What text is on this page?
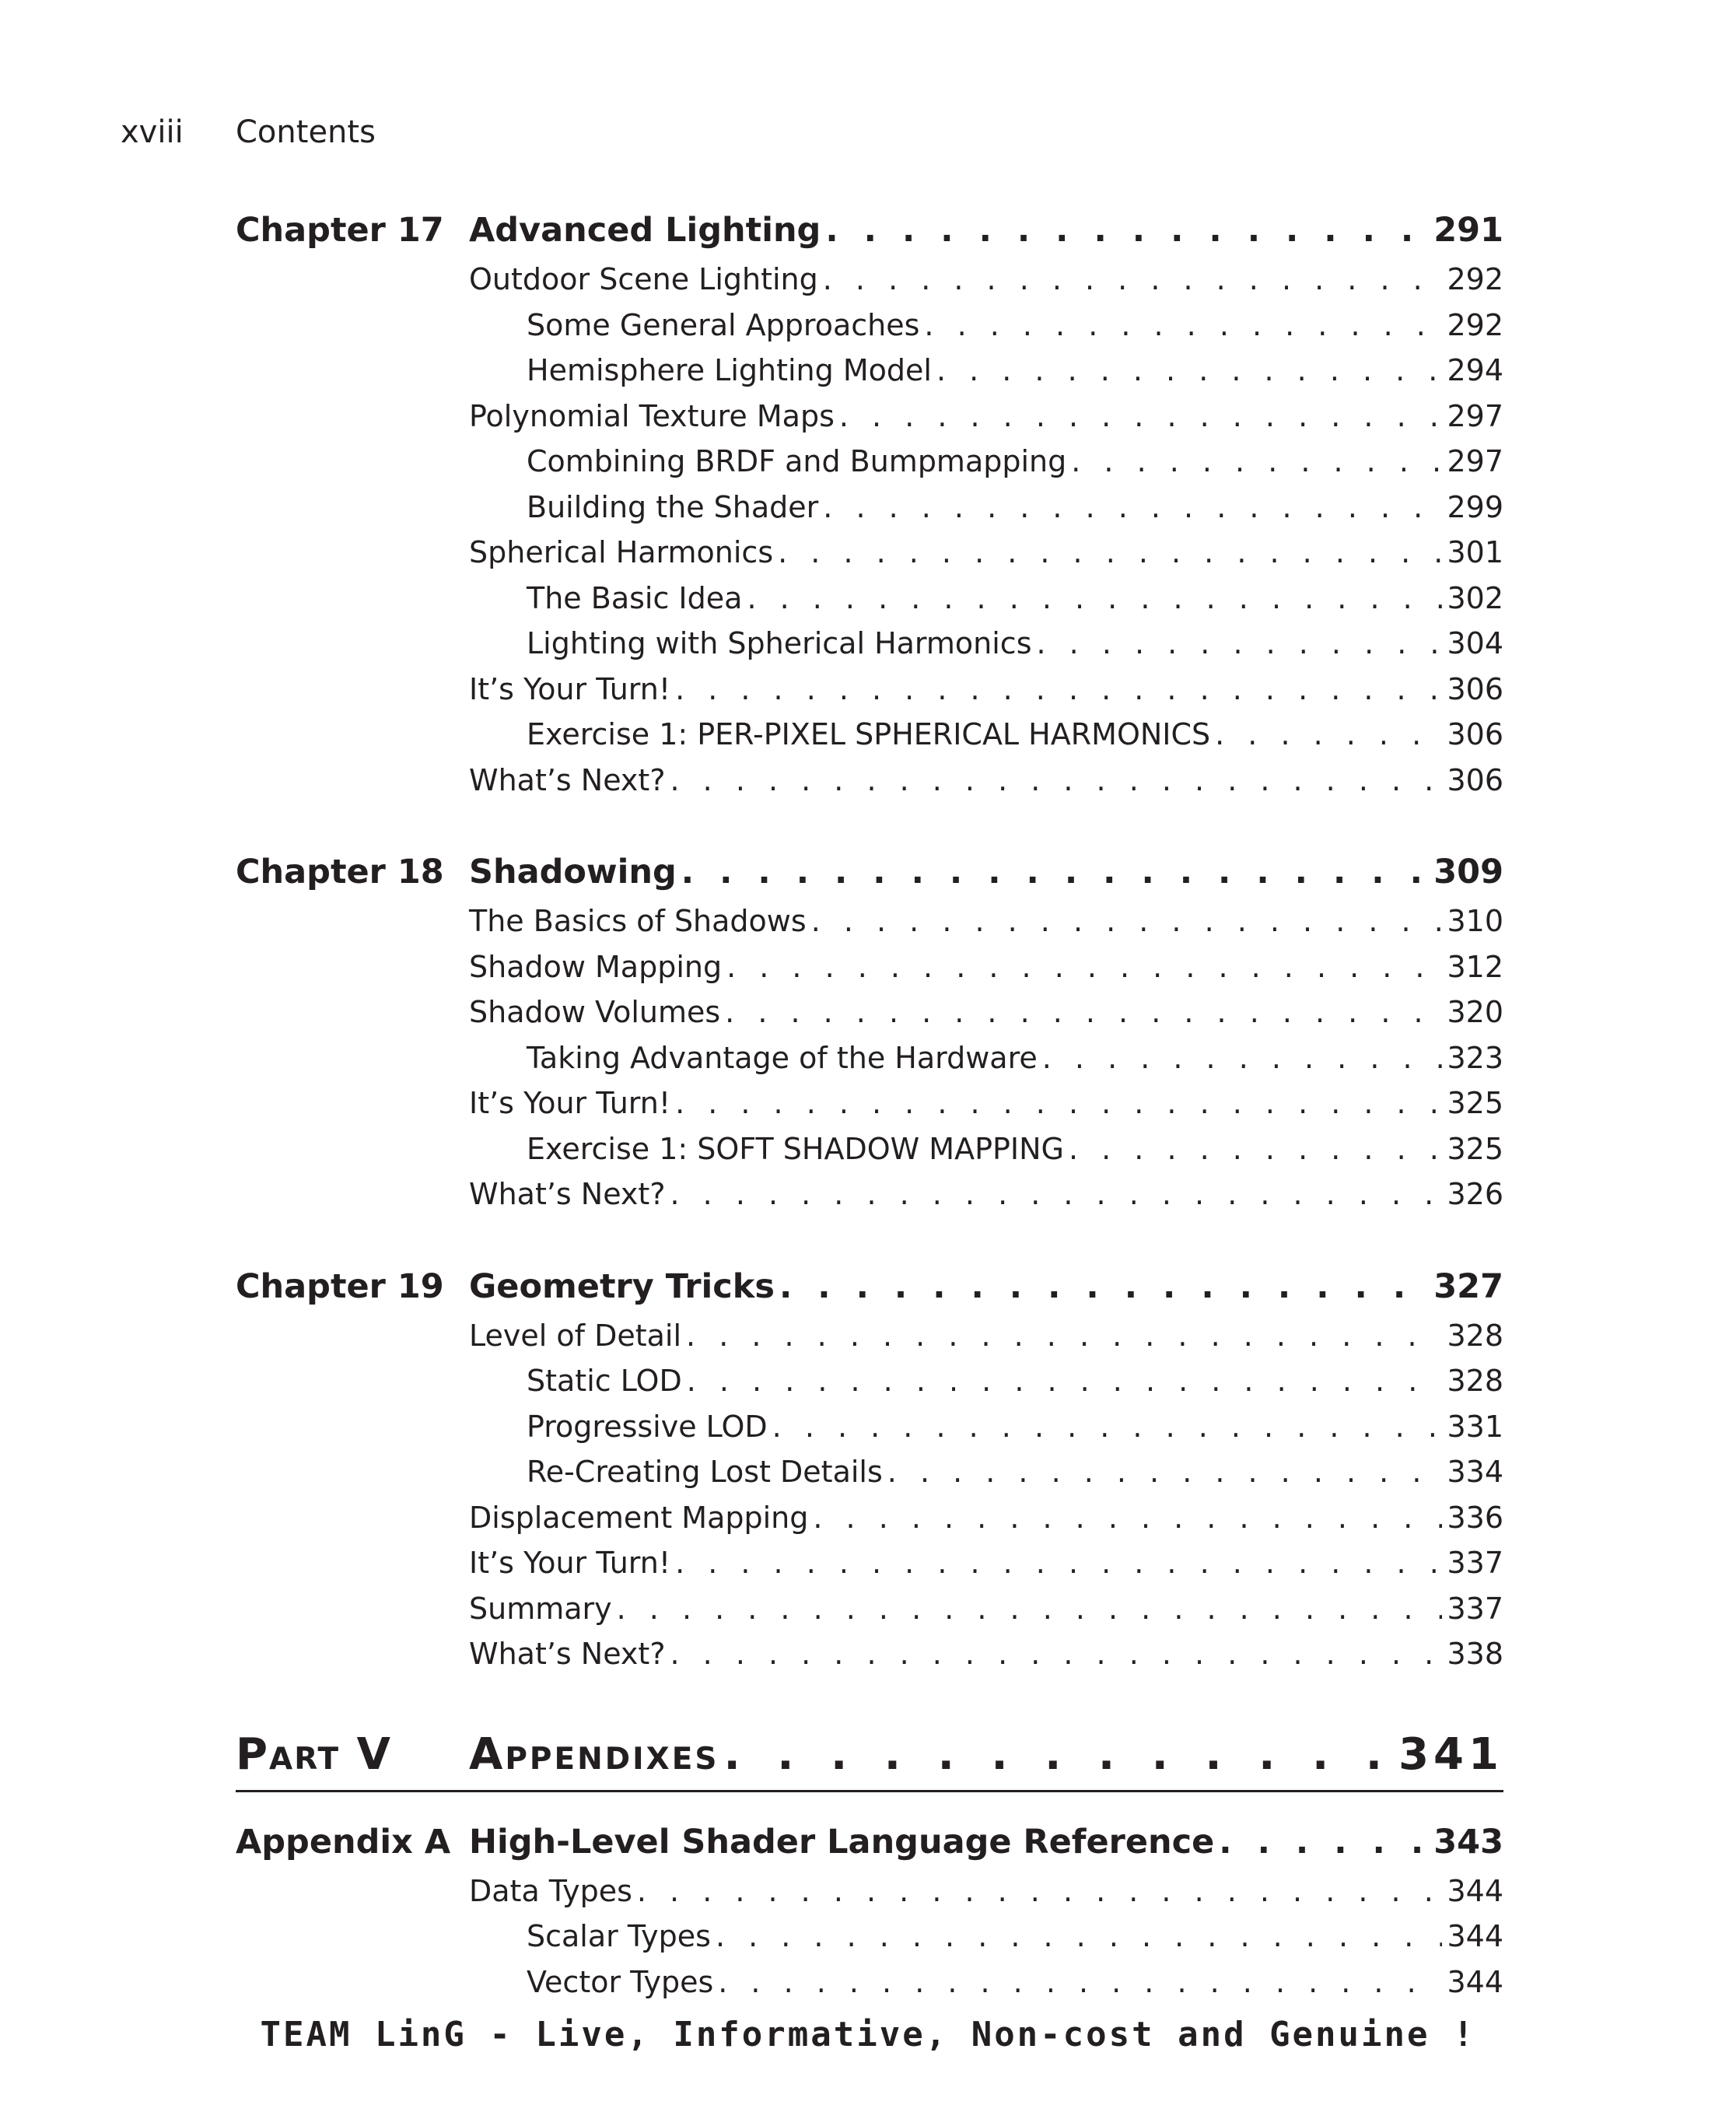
xviii Contents
Chapter 17 Advanced Lighting . . .	291
Outdoor Scene Lighting . . .	292
Some General Approaches . . .	292
Hemisphere Lighting Model . . .	294
Polynomial Texture Maps . . .	297
Combining BRDF and Bumpmapping . . .	297
Building the Shader . . .	299
Spherical Harmonics . . .	301
The Basic Idea . . .	302
Lighting with Spherical Harmonics . . .	304
It’s Your Turn! . . .	306
Exercise 1: PER-PIXEL SPHERICAL HARMONICS . . .	306
What’s Next? . . .	306
Chapter 18 Shadowing . . .	309
The Basics of Shadows . . .	310
Shadow Mapping . . .	312
Shadow Volumes . . .	320
Taking Advantage of the Hardware . . .	323
It’s Your Turn! . . .	325
Exercise 1: SOFT SHADOW MAPPING . . .	325
What’s Next? . . .	326
Chapter 19 Geometry Tricks . . .	327
Level of Detail . . .	328
Static LOD . . .	328
Progressive LOD . . .	331
Re-Creating Lost Details . . .	334
Displacement Mapping . . .	336
It’s Your Turn! . . .	337
Summary . . .	337
What’s Next? . . .	338
Part V	Appendixes . . .	341
Appendix A High-Level Shader Language Reference . . .	343
Data Types . . .	344
Scalar Types . . .	344
Vector Types . . .	344
TEAM LinG - Live, Informative, Non-cost and Genuine !
